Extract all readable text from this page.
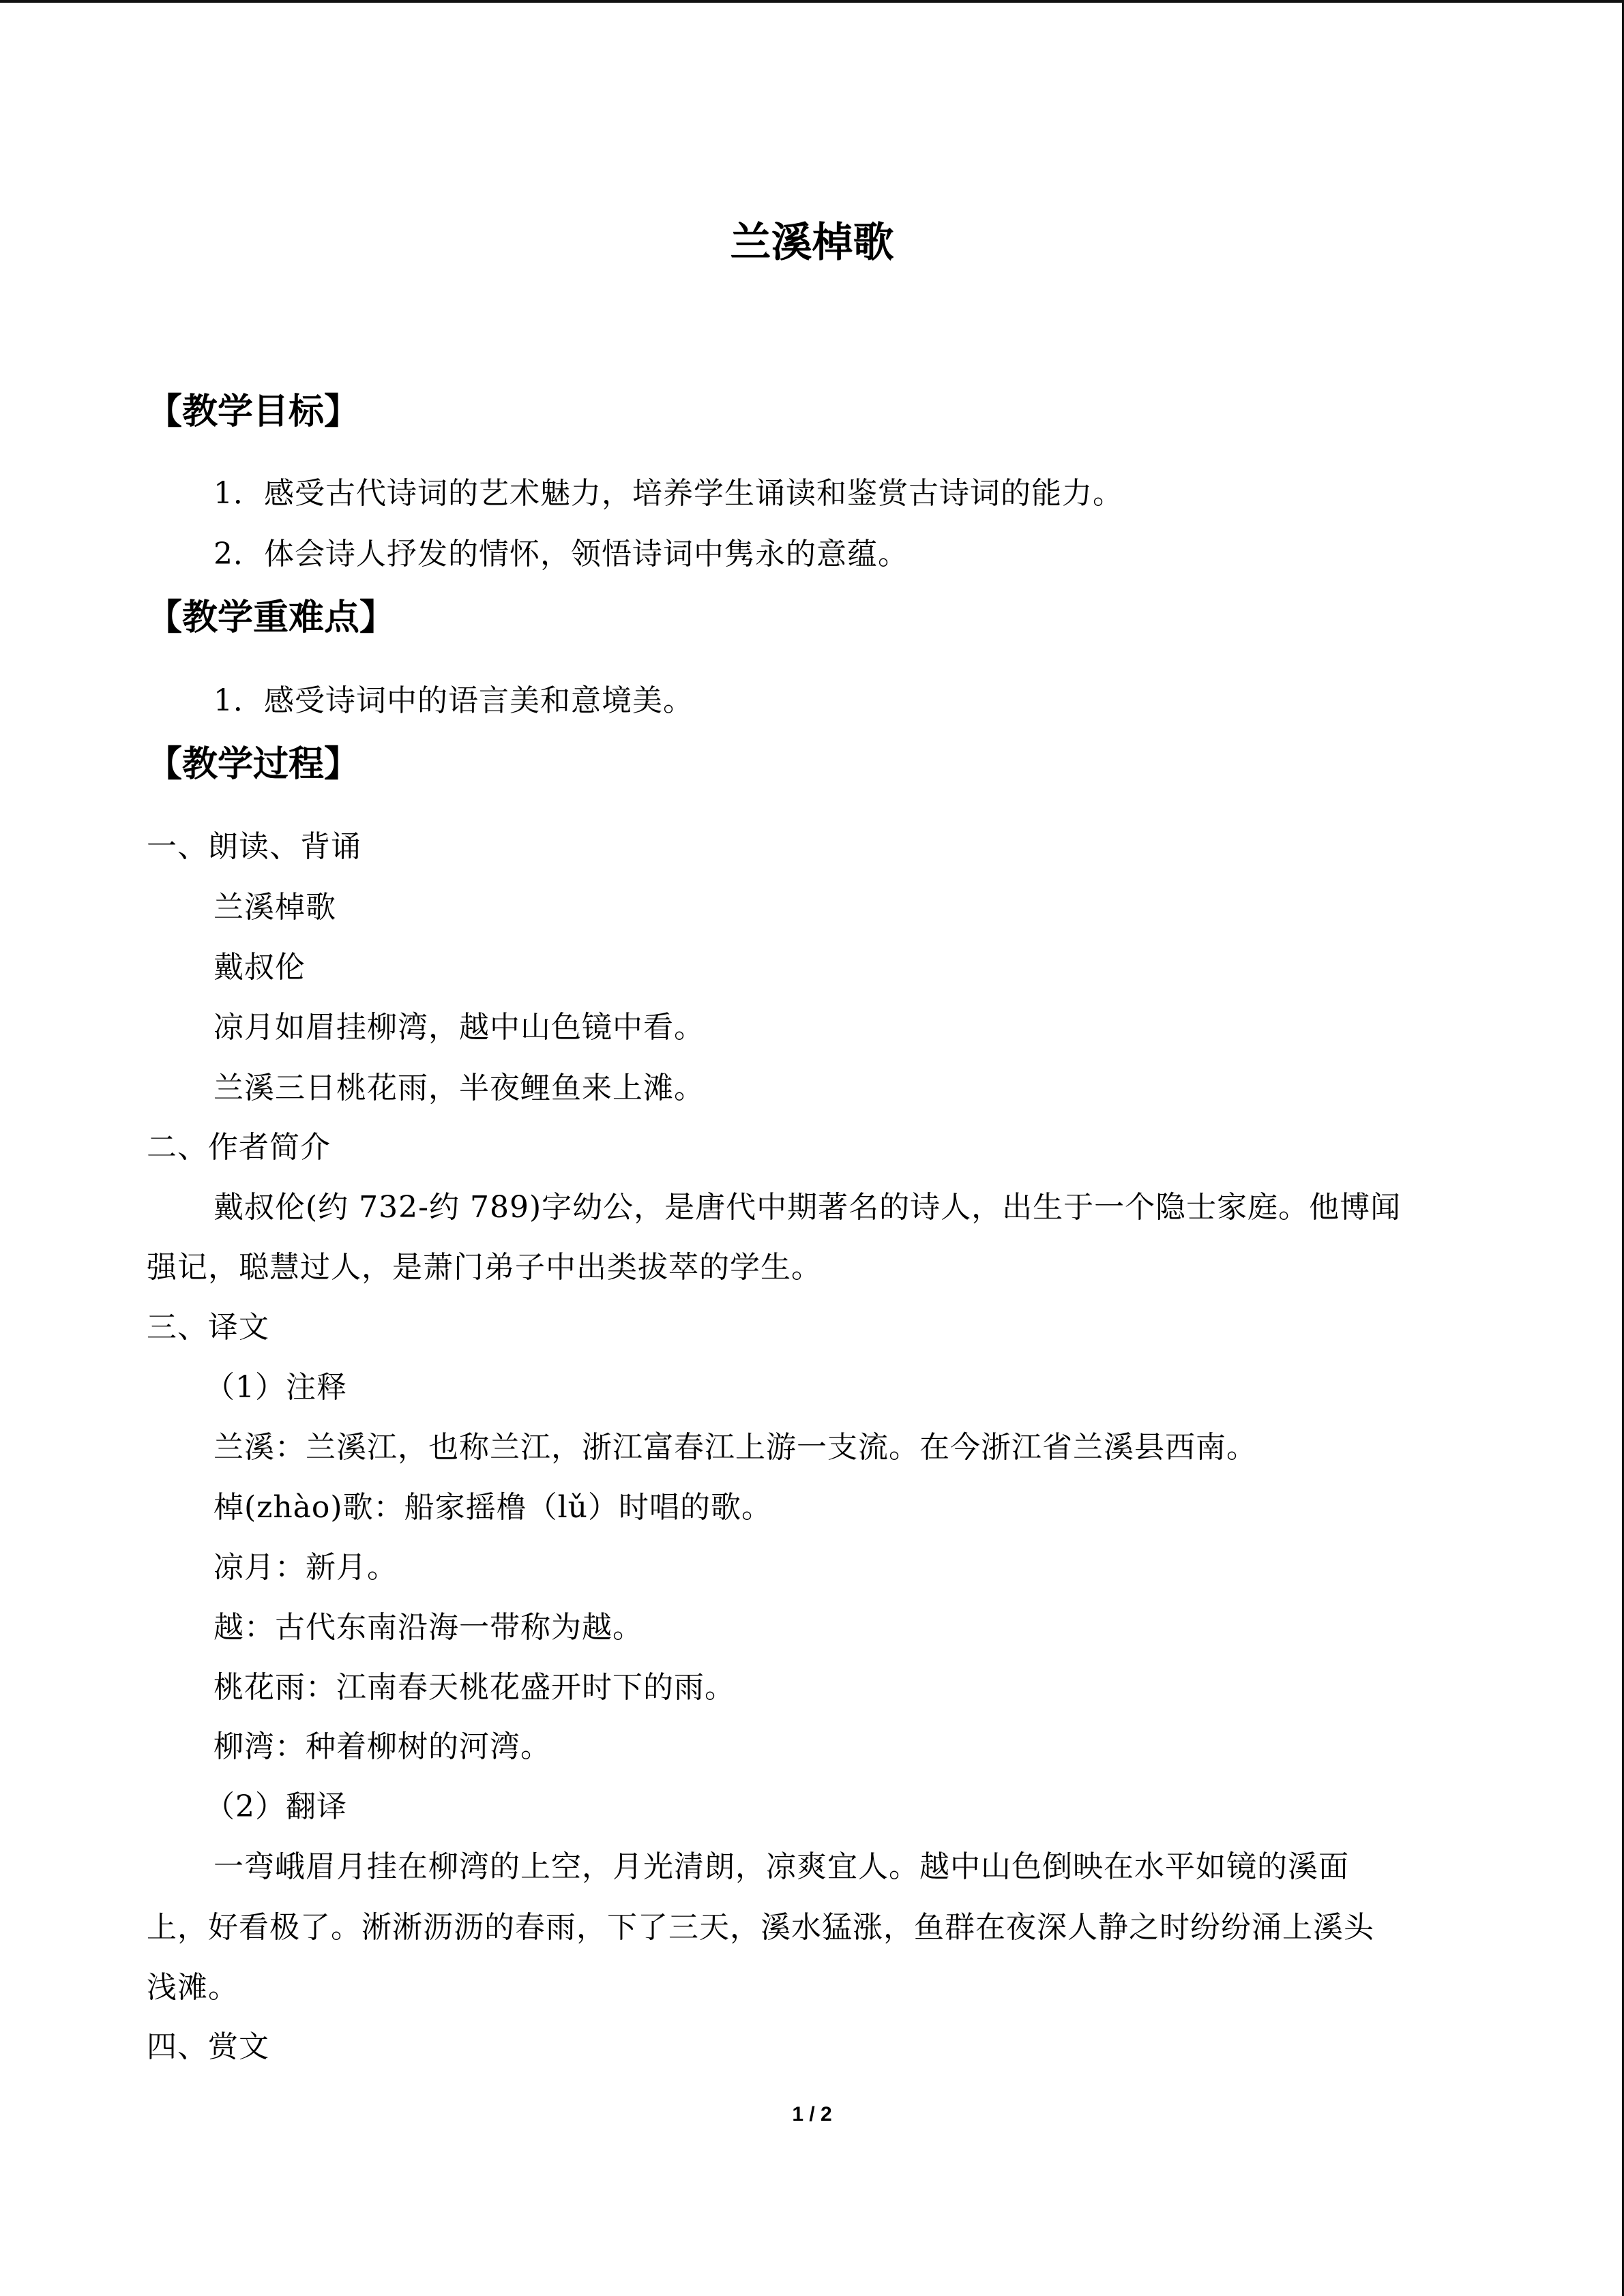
兰溪棹歌
【教学目标】
1．感受古代诗词的艺术魅力，培养学生诵读和鉴赏古诗词的能力。
2．体会诗人抒发的情怀，领悟诗词中隽永的意蕴。
【教学重难点】
1．感受诗词中的语言美和意境美。
【教学过程】
一、朗读、背诵
兰溪棹歌
戴叔伦
凉月如眉挂柳湾，越中山色镜中看。
兰溪三日桃花雨，半夜鲤鱼来上滩。
二、作者简介
戴叔伦(约 732-约 789)字幼公，是唐代中期著名的诗人，出生于一个隐士家庭。他博闻
强记，聪慧过人，是萧门弟子中出类拔萃的学生。
三、译文
（1）注释
兰溪：兰溪江，也称兰江，浙江富春江上游一支流。在今浙江省兰溪县西南。
棹(zhào)歌：船家摇橹（lǔ）时唱的歌。
凉月：新月。
越：古代东南沿海一带称为越。
桃花雨：江南春天桃花盛开时下的雨。
柳湾：种着柳树的河湾。
（2）翻译
一弯峨眉月挂在柳湾的上空，月光清朗，凉爽宜人。越中山色倒映在水平如镜的溪面
上，好看极了。淅淅沥沥的春雨，下了三天，溪水猛涨，鱼群在夜深人静之时纷纷涌上溪头
浅滩。
四、赏文
1 / 2
